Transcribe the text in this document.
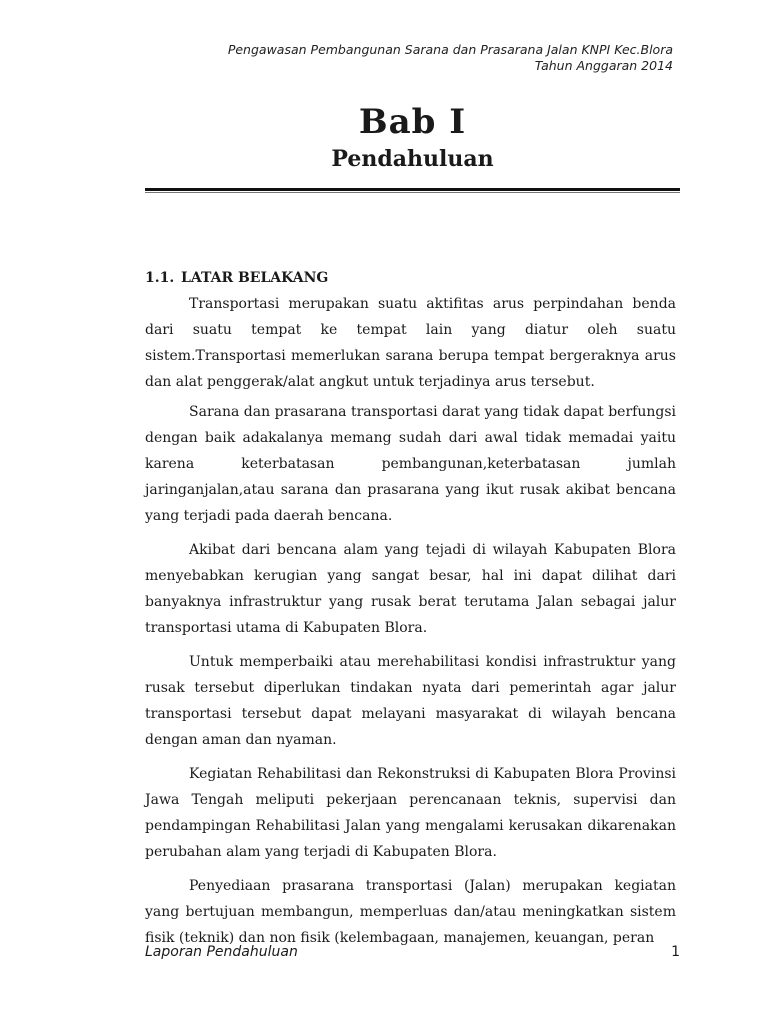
Pengawasan Pembangunan Sarana dan Prasarana Jalan KNPI Kec.Blora
Tahun Anggaran 2014
Bab I
Pendahuluan
1.1. LATAR BELAKANG

Transportasi merupakan suatu aktifitas arus perpindahan benda dari suatu tempat ke tempat lain yang diatur oleh suatu sistem.Transportasi memerlukan sarana berupa tempat bergeraknya arus dan alat penggerak/alat angkut untuk terjadinya arus tersebut.

Sarana dan prasarana transportasi darat yang tidak dapat berfungsi dengan baik adakalanya memang sudah dari awal tidak memadai yaitu karena keterbatasan pembangunan,keterbatasan jumlah jaringanjalan,atau sarana dan prasarana yang ikut rusak akibat bencana yang terjadi pada daerah bencana.

Akibat dari bencana alam yang tejadi di wilayah Kabupaten Blora menyebabkan kerugian yang sangat besar, hal ini dapat dilihat dari banyaknya infrastruktur yang rusak berat terutama Jalan sebagai jalur transportasi utama di Kabupaten Blora.

Untuk memperbaiki atau merehabilitasi kondisi infrastruktur yang rusak tersebut diperlukan tindakan nyata dari pemerintah agar jalur transportasi tersebut dapat melayani masyarakat di wilayah bencana dengan aman dan nyaman.

Kegiatan Rehabilitasi dan Rekonstruksi di Kabupaten Blora Provinsi Jawa Tengah meliputi pekerjaan perencanaan teknis, supervisi dan pendampingan Rehabilitasi Jalan yang mengalami kerusakan dikarenakan perubahan alam yang terjadi di Kabupaten Blora.

Penyediaan prasarana transportasi (Jalan) merupakan kegiatan yang bertujuan membangun, memperluas dan/atau meningkatkan sistem fisik (teknik) dan non fisik (kelembagaan, manajemen, keuangan, peran

Laporan Pendahuluan	1
